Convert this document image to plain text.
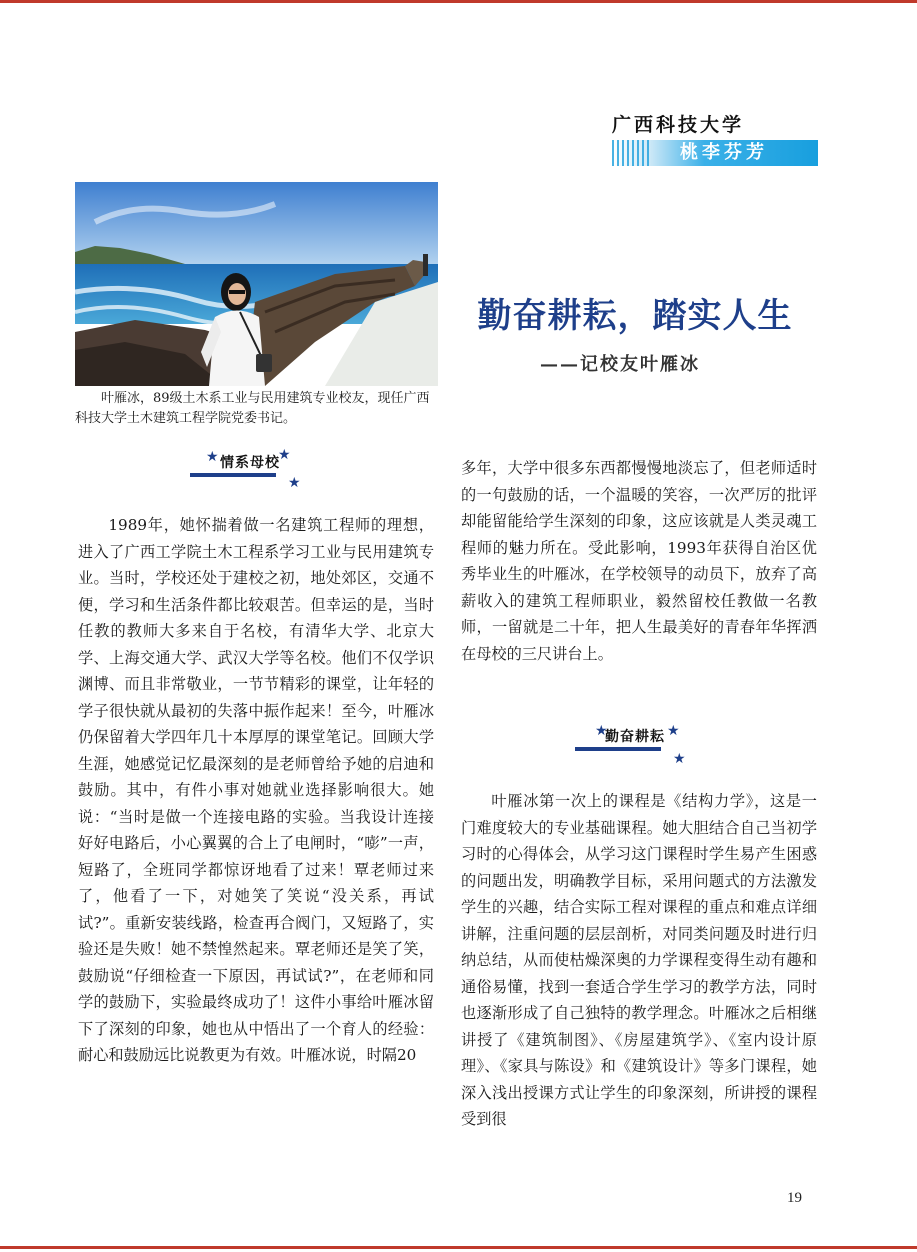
广西科技大学
桃李芬芳

叶雁冰，89级土木系工业与民用建筑专业校友，现任广西科技大学土木建筑工程学院党委书记。

勤奋耕耘，踏实人生
——记校友叶雁冰
★ 情系母校
★
★
★
勤奋耕耘 ★
★

1989年，她怀揣着做一名建筑工程师的理想，进入了广西工学院土木工程系学习工业与民用建筑专业。当时，学校还处于建校之初，地处郊区，交通不便，学习和生活条件都比较艰苦。但幸运的是，当时任教的教师大多来自于名校，有清华大学、北京大学、上海交通大学、武汉大学等名校。他们不仅学识渊博、而且非常敬业，一节节精彩的课堂，让年轻的学子很快就从最初的失落中振作起来！至今，叶雁冰仍保留着大学四年几十本厚厚的课堂笔记。回顾大学生涯，她感觉记忆最深刻的是老师曾给予她的启迪和鼓励。其中，有件小事对她就业选择影响很大。她说：“当时是做一个连接电路的实验。当我设计连接好好电路后，小心翼翼的合上了电闸时，“嘭”一声，短路了，全班同学都惊讶地看了过来！覃老师过来了，他看了一下，对她笑了笑说“没关系，再试试?”。重新安装线路，检查再合阀门，又短路了，实验还是失败！她不禁惶然起来。覃老师还是笑了笑，鼓励说“仔细检查一下原因，再试试?”，在老师和同学的鼓励下，实验最终成功了！这件小事给叶雁冰留下了深刻的印象，她也从中悟出了一个育人的经验：耐心和鼓励远比说教更为有效。叶雁冰说，时隔20

多年，大学中很多东西都慢慢地淡忘了，但老师适时的一句鼓励的话，一个温暖的笑容，一次严厉的批评却能留能给学生深刻的印象，这应该就是人类灵魂工程师的魅力所在。受此影响，1993年获得自治区优秀毕业生的叶雁冰，在学校领导的动员下，放弃了高薪收入的建筑工程师职业，毅然留校任教做一名教师，一留就是二十年，把人生最美好的青春年华挥洒在母校的三尺讲台上。

叶雁冰第一次上的课程是《结构力学》，这是一门难度较大的专业基础课程。她大胆结合自己当初学习时的心得体会，从学习这门课程时学生易产生困惑的问题出发，明确教学目标，采用问题式的方法激发学生的兴趣，结合实际工程对课程的重点和难点详细讲解，注重问题的层层剖析，对同类问题及时进行归纳总结，从而使枯燥深奥的力学课程变得生动有趣和通俗易懂，找到一套适合学生学习的教学方法，同时也逐渐形成了自己独特的教学理念。叶雁冰之后相继讲授了《建筑制图》、《房屋建筑学》、《室内设计原理》、《家具与陈设》和《建筑设计》等多门课程，她深入浅出授课方式让学生的印象深刻，所讲授的课程受到很

19
